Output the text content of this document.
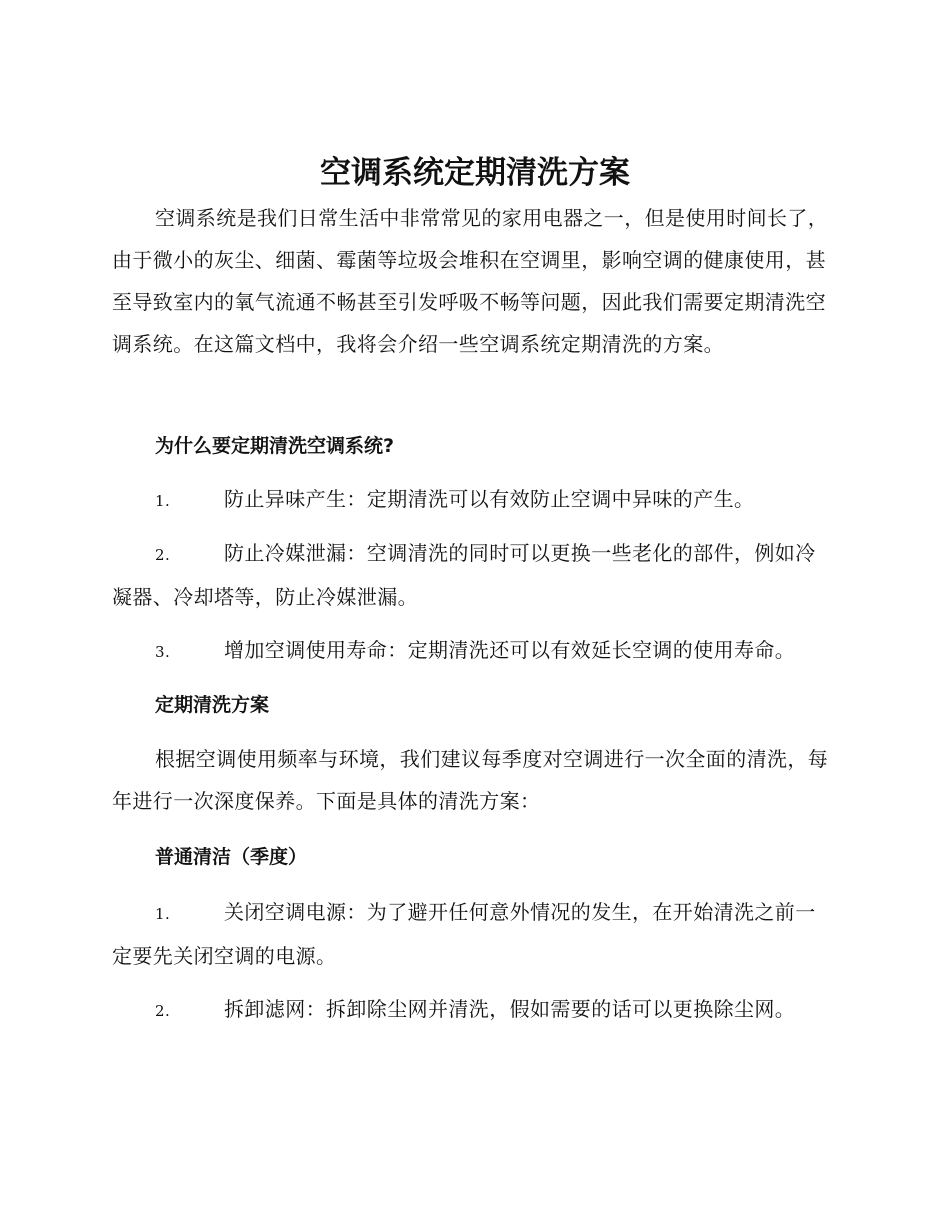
空调系统定期清洗方案

空调系统是我们日常生活中非常常见的家用电器之一，但是使用时间长了，由于微小的灰尘、细菌、霉菌等垃圾会堆积在空调里，影响空调的健康使用，甚至导致室内的氧气流通不畅甚至引发呼吸不畅等问题，因此我们需要定期清洗空调系统。在这篇文档中，我将会介绍一些空调系统定期清洗的方案。

为什么要定期清洗空调系统?

1.	防止异味产生：定期清洗可以有效防止空调中异味的产生。

2.	防止冷媒泄漏：空调清洗的同时可以更换一些老化的部件，例如冷凝器、冷却塔等，防止冷媒泄漏。

3.	增加空调使用寿命：定期清洗还可以有效延长空调的使用寿命。

定期清洗方案

根据空调使用频率与环境，我们建议每季度对空调进行一次全面的清洗，每年进行一次深度保养。下面是具体的清洗方案：

普通清洁（季度）

1.	关闭空调电源：为了避开任何意外情况的发生，在开始清洗之前一定要先关闭空调的电源。

2.	拆卸滤网：拆卸除尘网并清洗，假如需要的话可以更换除尘网。
